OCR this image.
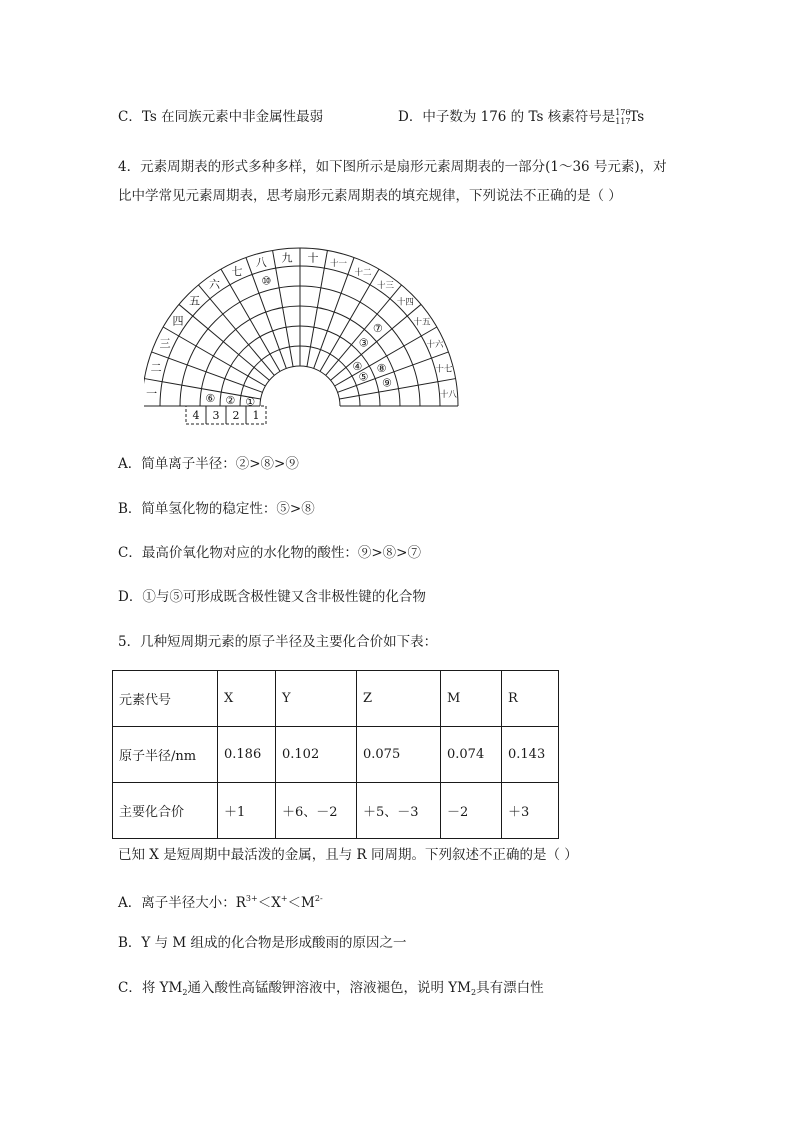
C．Ts 在同族元素中非金属性最弱	D．中子数为 176 的 Ts 核素符号是 176
117
Ts
4．元素周期表的形式多种多样，如下图所示是扇形元素周期表的一部分(1～36 号元素)，对
比中学常见元素周期表，思考扇形元素周期表的填充规律，下列说法不正确的是（ ）
一
二
三
四
五
六
七
八 九 十 十一
十二
十三
十四
十五
十六
十七
十八
①
②
⑥
⑩
⑦
③
④
⑤
⑧
⑨
4 3 2 1
A．简单离子半径：②>⑧>⑨
B．简单氢化物的稳定性：⑤>⑧
C．最高价氧化物对应的水化物的酸性：⑨>⑧>⑦
D．①与⑤可形成既含极性键又含非极性键的化合物
5．几种短周期元素的原子半径及主要化合价如下表：
元素代号	X	Y	Z	M	R
原子半径/nm	0.186	0.102	0.075	0.074	0.143
主要化合价	＋1	＋6、－2	＋5、－3	－2	＋3
已知 X 是短周期中最活泼的金属，且与 R 同周期。下列叙述不正确的是（ ）
A．离子半径大小：$R^{3+}<X^+<M^{2-}$
B．Y 与 M 组成的化合物是形成酸雨的原因之一
C．将 $YM_2$通入酸性高锰酸钾溶液中，溶液褪色，说明 $YM_2$具有漂白性
